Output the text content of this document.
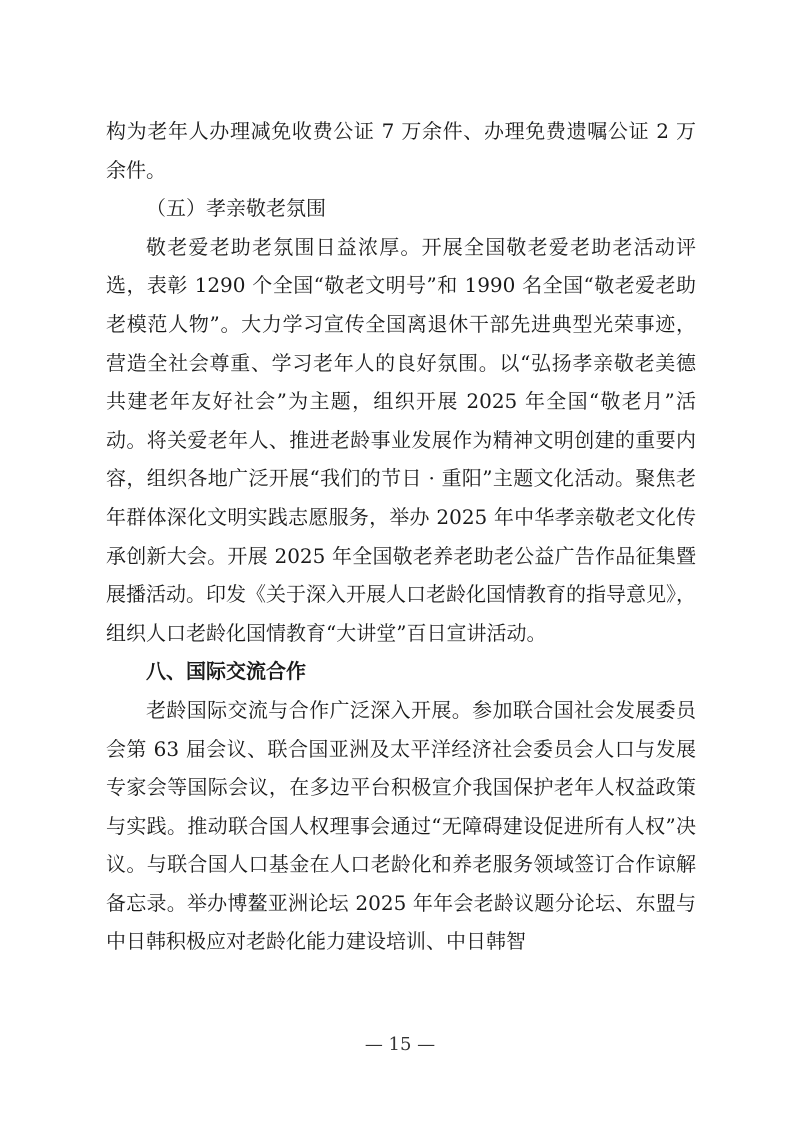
构为老年人办理减免收费公证 7 万余件、办理免费遗嘱公证 2 万余件。

（五）孝亲敬老氛围

敬老爱老助老氛围日益浓厚。开展全国敬老爱老助老活动评选，表彰 1290 个全国“敬老文明号”和 1990 名全国“敬老爱老助老模范人物”。大力学习宣传全国离退休干部先进典型光荣事迹，营造全社会尊重、学习老年人的良好氛围。以“弘扬孝亲敬老美德 共建老年友好社会”为主题，组织开展 2025 年全国“敬老月”活动。将关爱老年人、推进老龄事业发展作为精神文明创建的重要内容，组织各地广泛开展“我们的节日 · 重阳”主题文化活动。聚焦老年群体深化文明实践志愿服务，举办 2025 年中华孝亲敬老文化传承创新大会。开展 2025 年全国敬老养老助老公益广告作品征集暨展播活动。印发《关于深入开展人口老龄化国情教育的指导意见》，组织人口老龄化国情教育“大讲堂”百日宣讲活动。

八、国际交流合作

老龄国际交流与合作广泛深入开展。参加联合国社会发展委员会第 63 届会议、联合国亚洲及太平洋经济社会委员会人口与发展专家会等国际会议，在多边平台积极宣介我国保护老年人权益政策与实践。推动联合国人权理事会通过“无障碍建设促进所有人权”决议。与联合国人口基金在人口老龄化和养老服务领域签订合作谅解备忘录。举办博鳌亚洲论坛 2025 年年会老龄议题分论坛、东盟与中日韩积极应对老龄化能力建设培训、中日韩智

— 15 —
